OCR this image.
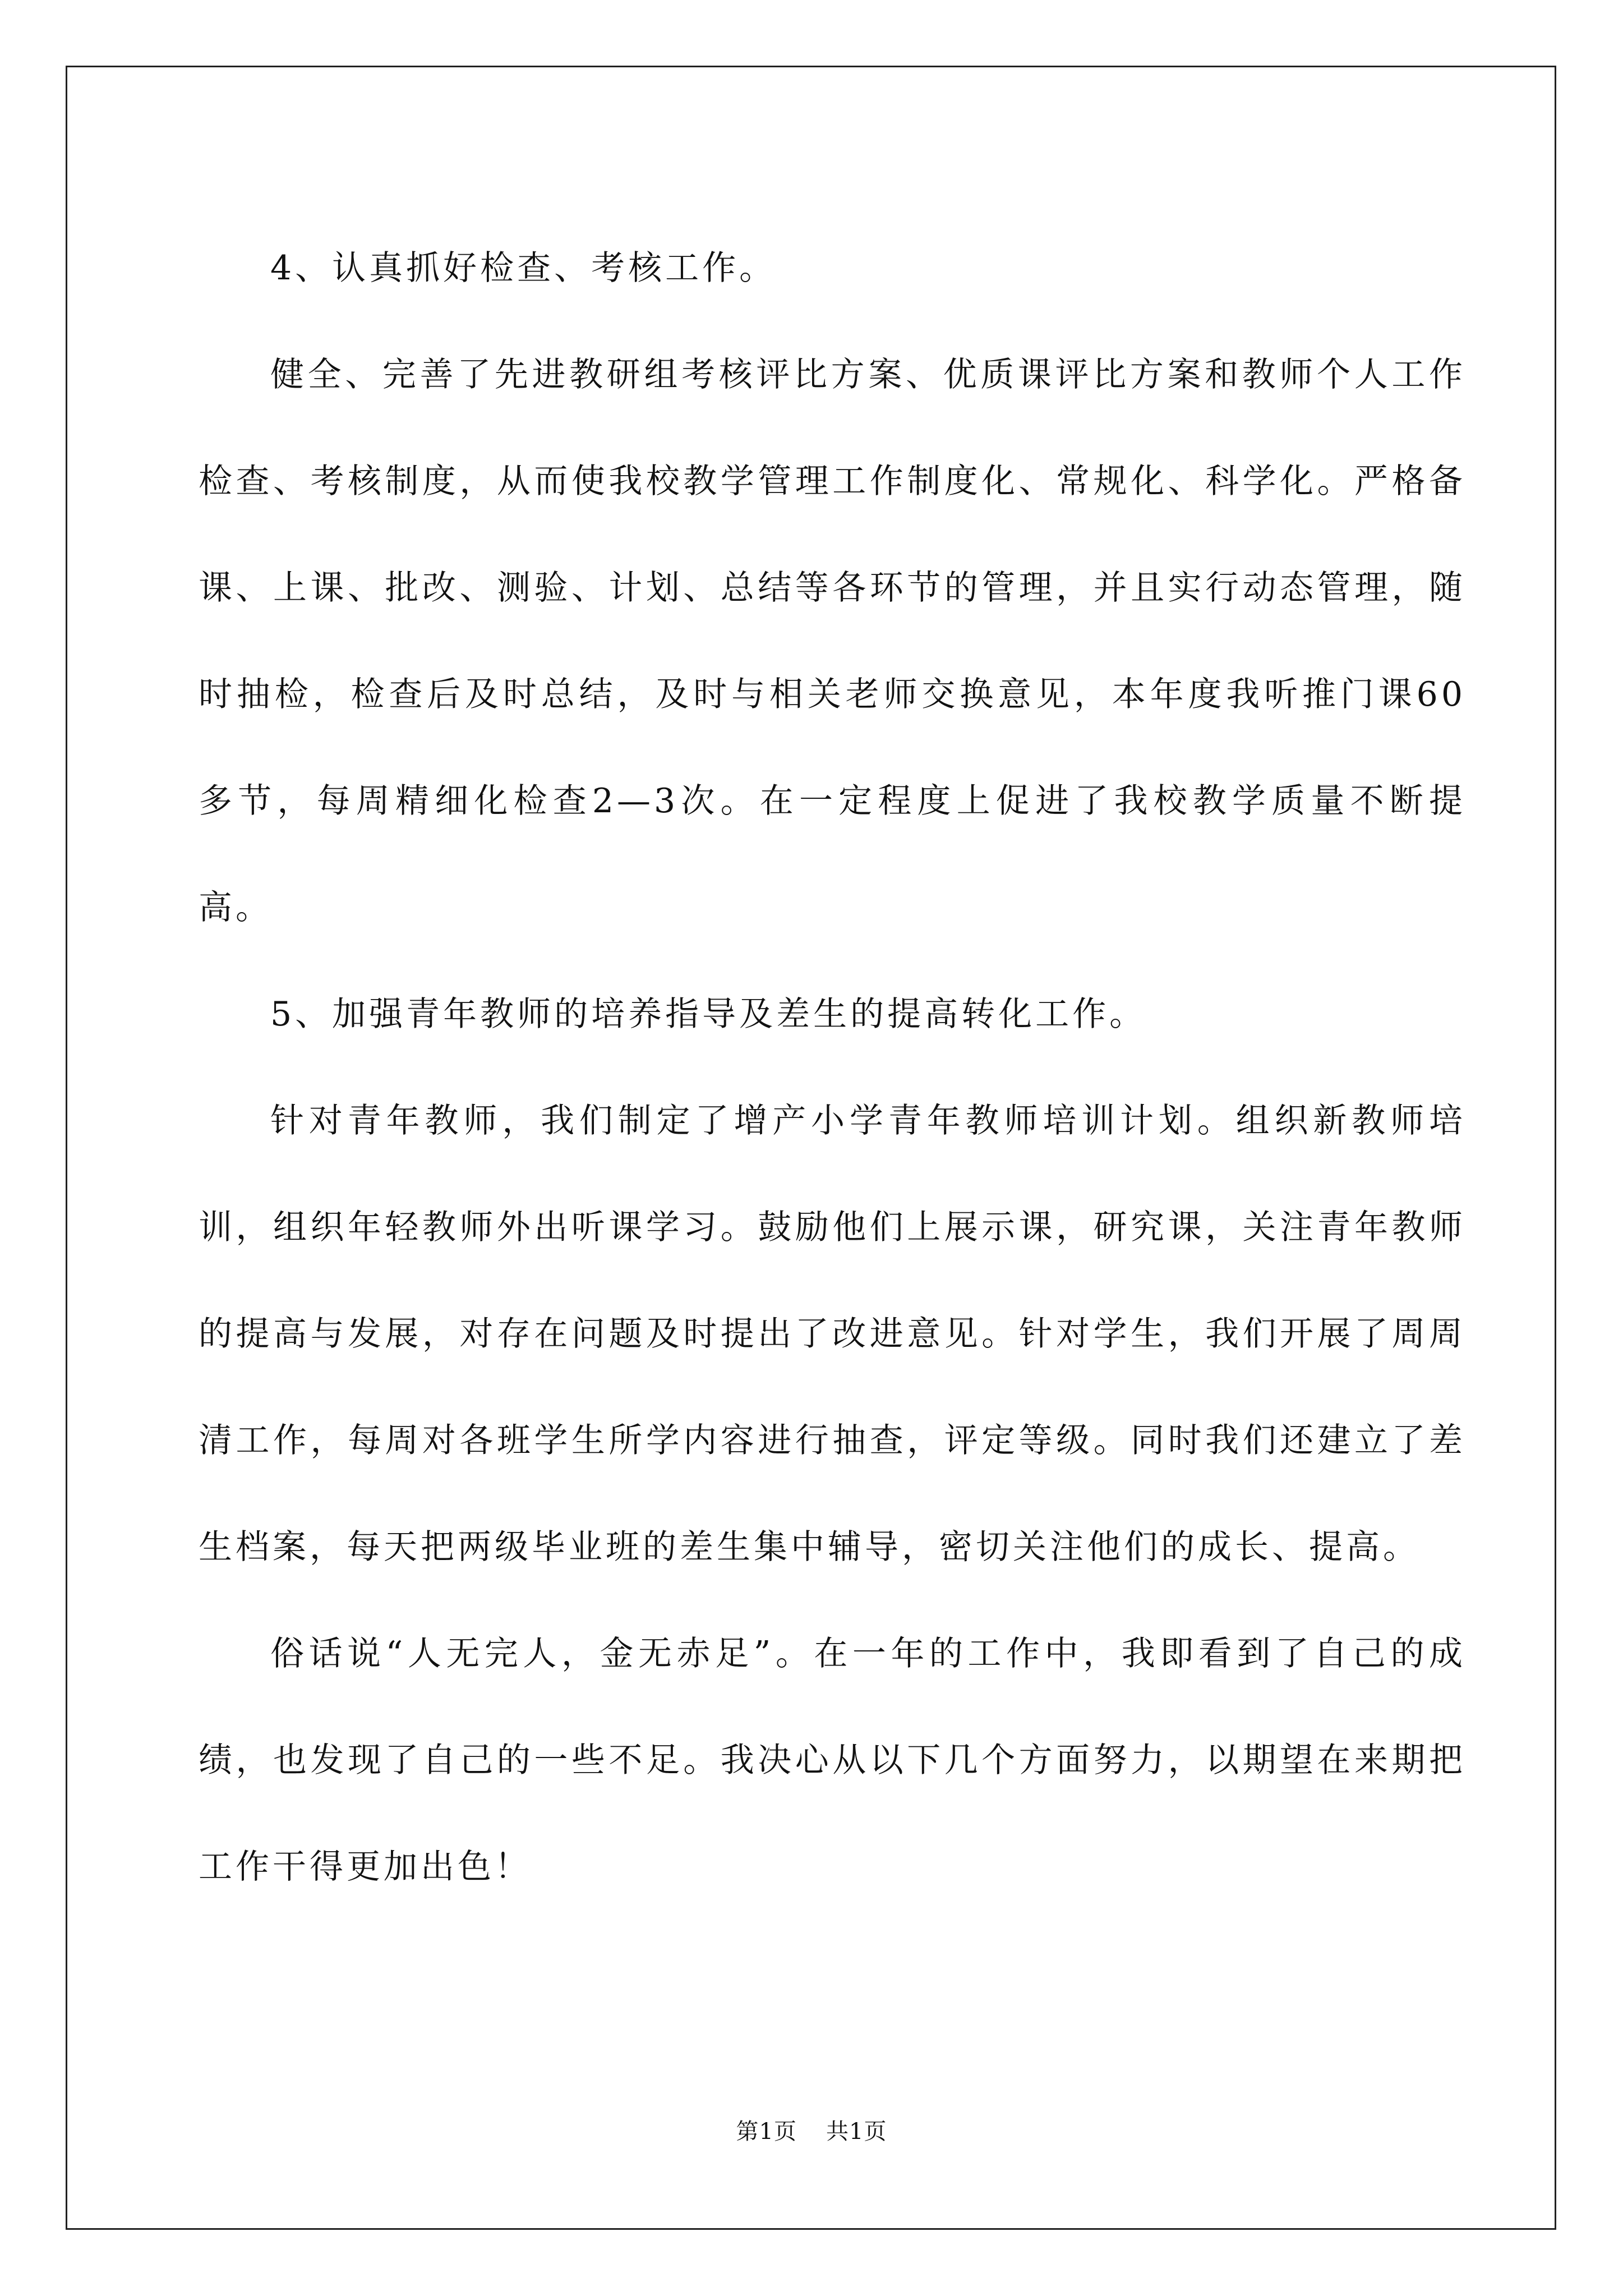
4、认真抓好检查、考核工作。

健全、完善了先进教研组考核评比方案、优质课评比方案和教师个人工作检查、考核制度，从而使我校教学管理工作制度化、常规化、科学化。严格备课、上课、批改、测验、计划、总结等各环节的管理，并且实行动态管理，随时抽检，检查后及时总结，及时与相关老师交换意见，本年度我听推门课60多节，每周精细化检查2—3次。在一定程度上促进了我校教学质量不断提高。

5、加强青年教师的培养指导及差生的提高转化工作。

针对青年教师，我们制定了增产小学青年教师培训计划。组织新教师培训，组织年轻教师外出听课学习。鼓励他们上展示课，研究课，关注青年教师的提高与发展，对存在问题及时提出了改进意见。针对学生，我们开展了周周清工作，每周对各班学生所学内容进行抽查，评定等级。同时我们还建立了差生档案，每天把两级毕业班的差生集中辅导，密切关注他们的成长、提高。

俗话说“人无完人，金无赤足”。在一年的工作中，我即看到了自己的成绩，也发现了自己的一些不足。我决心从以下几个方面努力，以期望在来期把工作干得更加出色！

第1页 共1页
